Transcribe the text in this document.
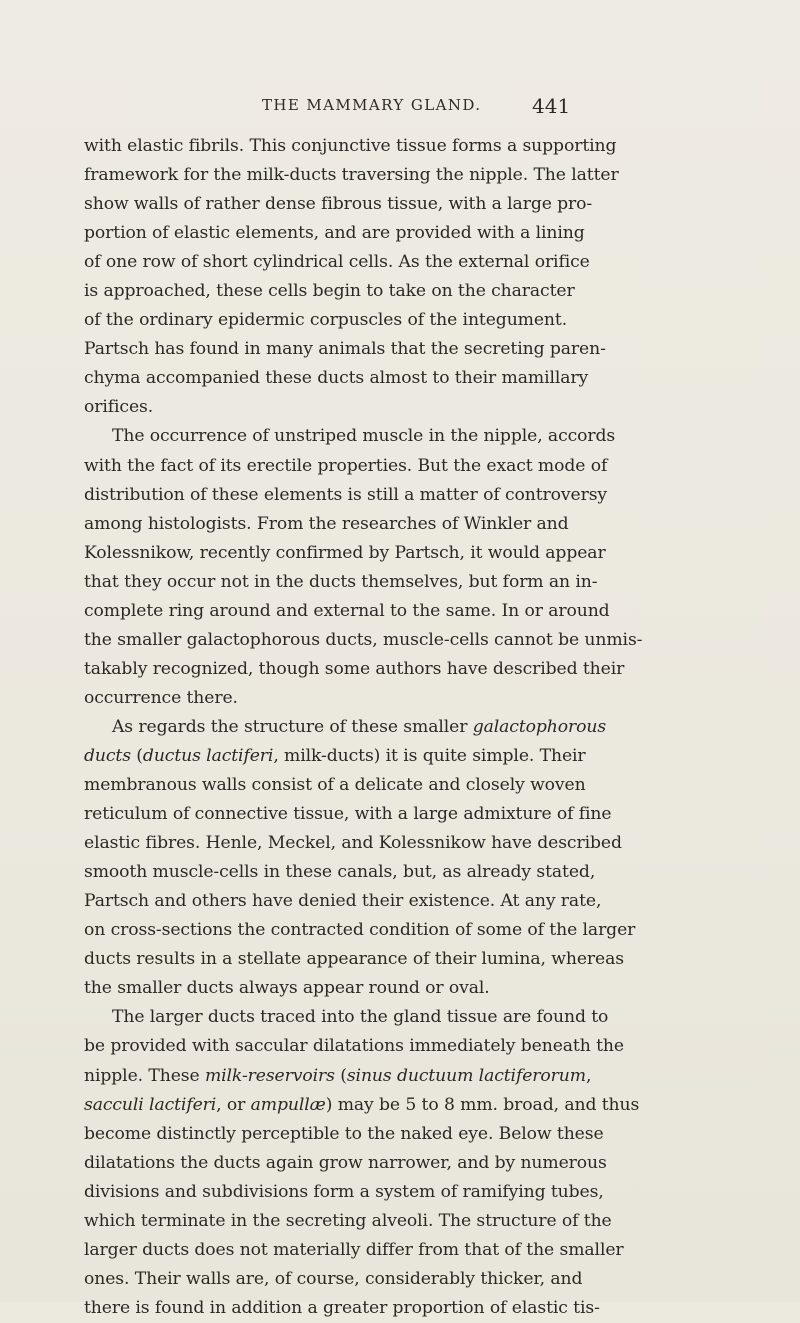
THE MAMMARY GLAND.	441
with elastic fibrils. This conjunctive tissue forms a supporting
framework for the milk-ducts traversing the nipple. The latter
show walls of rather dense fibrous tissue, with a large pro-
portion of elastic elements, and are provided with a lining
of one row of short cylindrical cells. As the external orifice
is approached, these cells begin to take on the character
of the ordinary epidermic corpuscles of the integument.
Partsch has found in many animals that the secreting paren-
chyma accompanied these ducts almost to their mamillary
orifices.
The occurrence of unstriped muscle in the nipple, accords
with the fact of its erectile properties. But the exact mode of
distribution of these elements is still a matter of controversy
among histologists. From the researches of Winkler and
Kolessnikow, recently confirmed by Partsch, it would appear
that they occur not in the ducts themselves, but form an in-
complete ring around and external to the same. In or around
the smaller galactophorous ducts, muscle-cells cannot be unmis-
takably recognized, though some authors have described their
occurrence there.
As regards the structure of these smaller galactophorous
ducts (ductus lactiferi, milk-ducts) it is quite simple. Their
membranous walls consist of a delicate and closely woven
reticulum of connective tissue, with a large admixture of fine
elastic fibres. Henle, Meckel, and Kolessnikow have described
smooth muscle-cells in these canals, but, as already stated,
Partsch and others have denied their existence. At any rate,
on cross-sections the contracted condition of some of the larger
ducts results in a stellate appearance of their lumina, whereas
the smaller ducts always appear round or oval.
The larger ducts traced into the gland tissue are found to
be provided with saccular dilatations immediately beneath the
nipple. These milk-reservoirs (sinus ductuum lactiferorum,
sacculi lactiferi, or ampullæ) may be 5 to 8 mm. broad, and thus
become distinctly perceptible to the naked eye. Below these
dilatations the ducts again grow narrower, and by numerous
divisions and subdivisions form a system of ramifying tubes,
which terminate in the secreting alveoli. The structure of the
larger ducts does not materially differ from that of the smaller
ones. Their walls are, of course, considerably thicker, and
there is found in addition a greater proportion of elastic tis-
